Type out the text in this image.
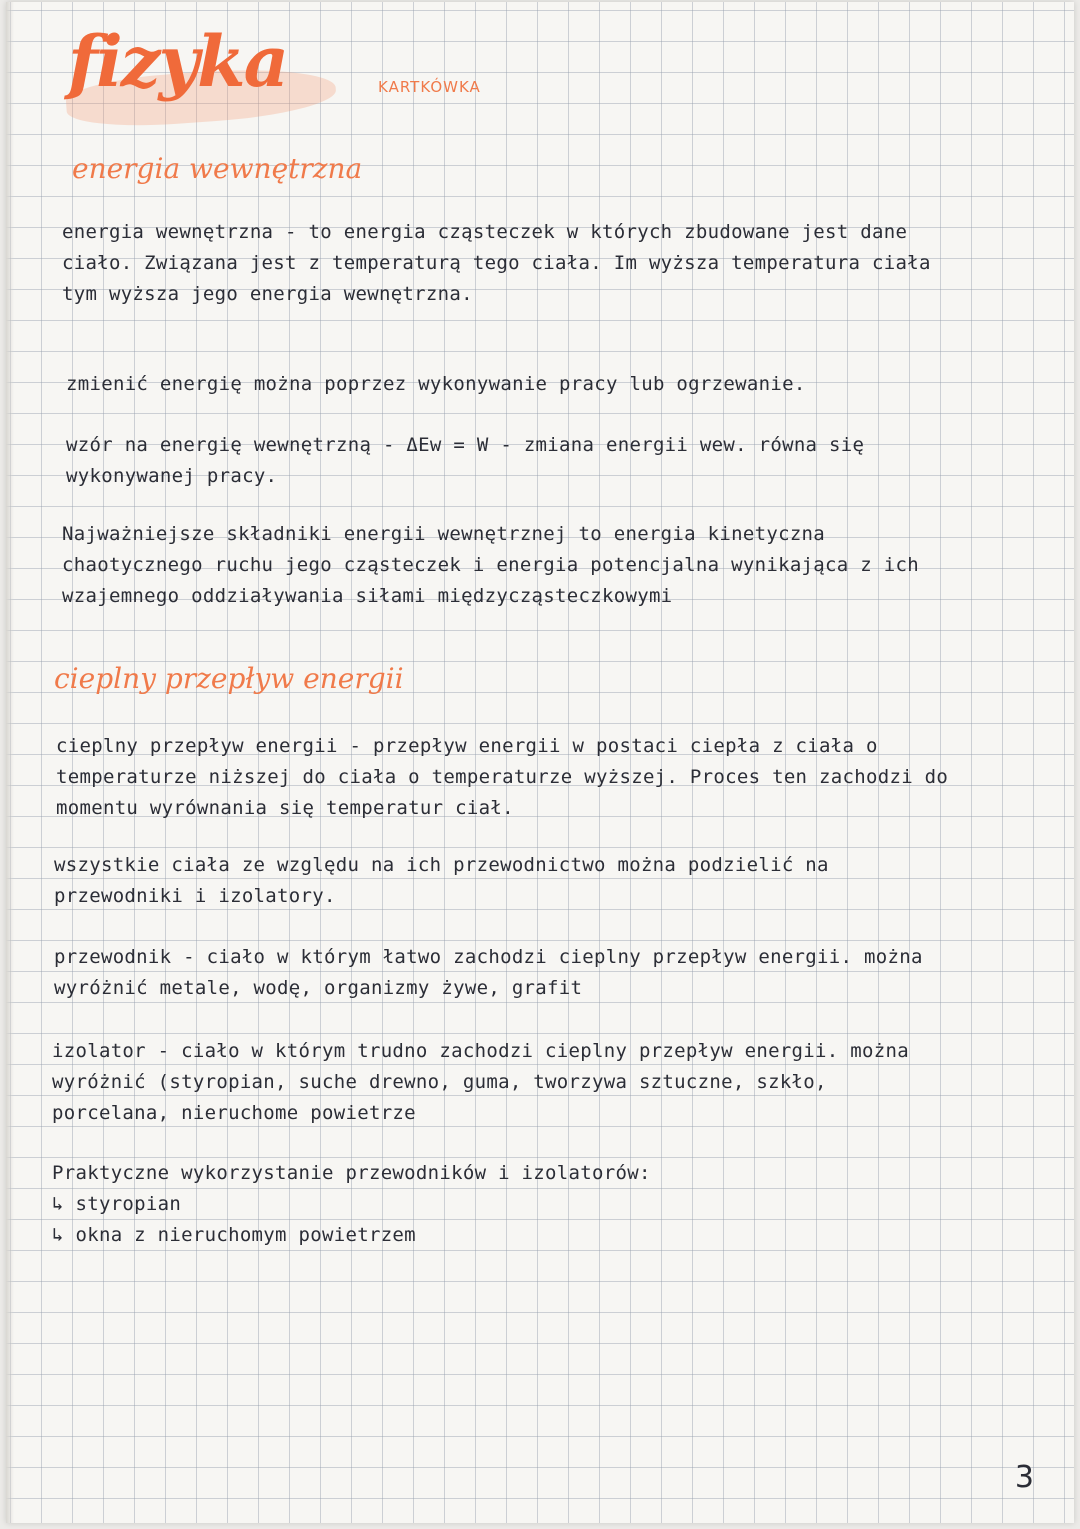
fizyka	KARTKÓWKA
energia wewnętrzna
energia wewnętrzna - to energia cząsteczek w których zbudowane jest dane ciało. Związana jest z temperaturą tego ciała. Im wyższa temperatura ciała tym wyższa jego energia wewnętrzna.
zmienić energię można poprzez wykonywanie pracy lub ogrzewanie.
wzór na energię wewnętrzną - ΔEw = W - zmiana energii wew. równa się wykonywanej pracy.
Najważniejsze składniki energii wewnętrznej to energia kinetyczna chaotycznego ruchu jego cząsteczek i energia potencjalna wynikająca z ich wzajemnego oddziaływania siłami międzycząsteczkowymi
cieplny przepływ energii
cieplny przepływ energii - przepływ energii w postaci ciepła z ciała o temperaturze niższej do ciała o temperaturze wyższej. Proces ten zachodzi do momentu wyrównania się temperatur ciał.
wszystkie ciała ze względu na ich przewodnictwo można podzielić na przewodniki i izolatory.
przewodnik - ciało w którym łatwo zachodzi cieplny przepływ energii. można wyróżnić metale, wodę, organizmy żywe, grafit
izolator - ciało w którym trudno zachodzi cieplny przepływ energii. można wyróżnić (styropian, suche drewno, guma, tworzywa sztuczne, szkło, porcelana, nieruchome powietrze
Praktyczne wykorzystanie przewodników i izolatorów:
↳ styropian
↳ okna z nieruchomym powietrzem
3
